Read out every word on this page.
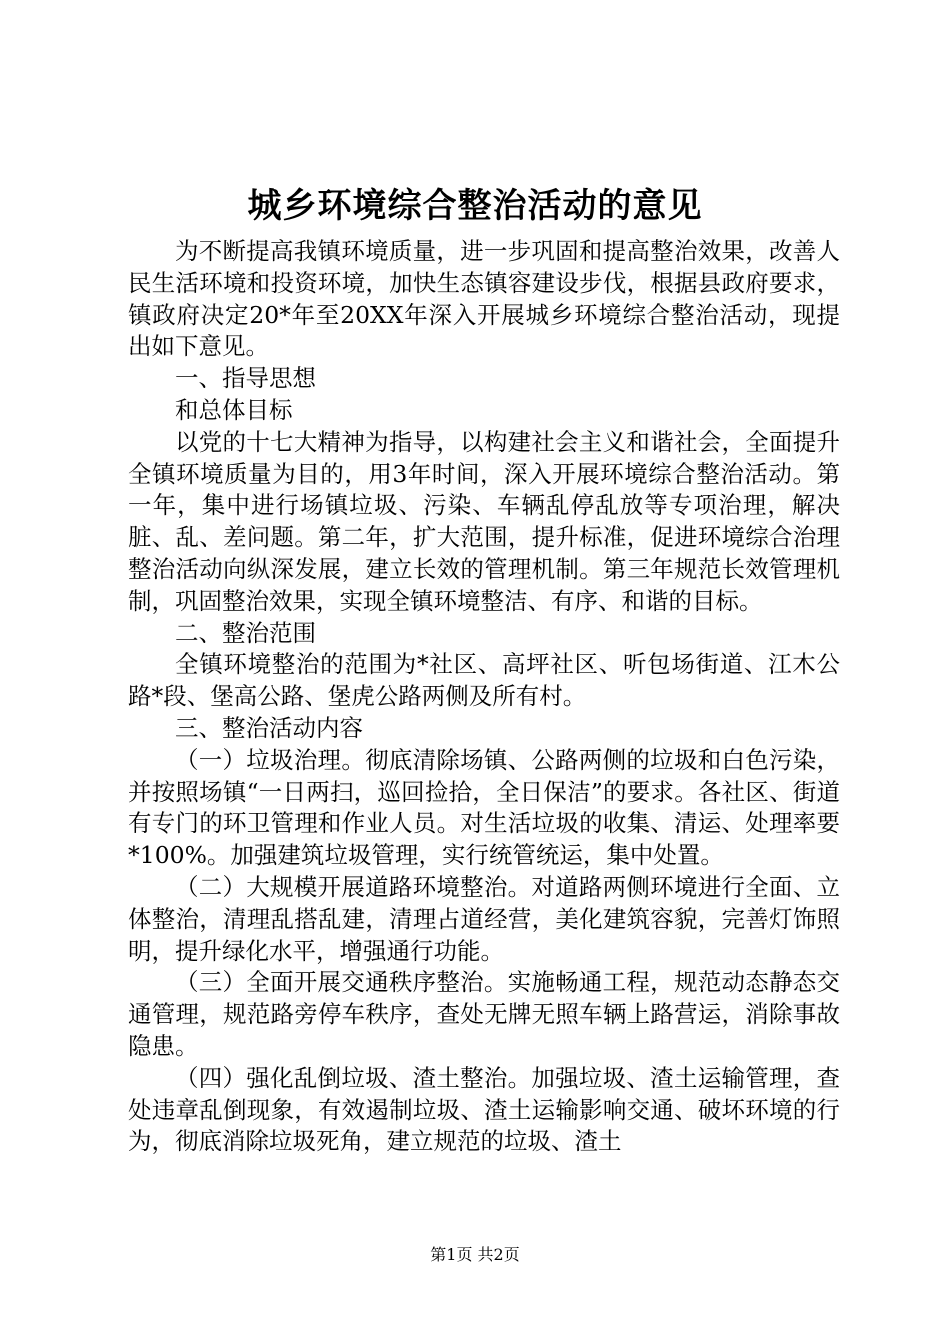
城乡环境综合整治活动的意见

为不断提高我镇环境质量，进一步巩固和提高整治效果，改善人民生活环境和投资环境，加快生态镇容建设步伐，根据县政府要求，镇政府决定20*年至20XX年深入开展城乡环境综合整治活动，现提出如下意见。

一、指导思想

和总体目标

以党的十七大精神为指导，以构建社会主义和谐社会，全面提升全镇环境质量为目的，用3年时间，深入开展环境综合整治活动。第一年，集中进行场镇垃圾、污染、车辆乱停乱放等专项治理，解决脏、乱、差问题。第二年，扩大范围，提升标准，促进环境综合治理整治活动向纵深发展，建立长效的管理机制。第三年规范长效管理机制，巩固整治效果，实现全镇环境整洁、有序、和谐的目标。

二、整治范围

全镇环境整治的范围为*社区、高坪社区、听包场街道、江木公路*段、堡高公路、堡虎公路两侧及所有村。

三、整治活动内容

（一）垃圾治理。彻底清除场镇、公路两侧的垃圾和白色污染，并按照场镇“一日两扫，巡回捡拾，全日保洁”的要求。各社区、街道有专门的环卫管理和作业人员。对生活垃圾的收集、清运、处理率要*100%。加强建筑垃圾管理，实行统管统运，集中处置。

（二）大规模开展道路环境整治。对道路两侧环境进行全面、立体整治，清理乱搭乱建，清理占道经营，美化建筑容貌，完善灯饰照明，提升绿化水平，增强通行功能。

（三）全面开展交通秩序整治。实施畅通工程，规范动态静态交通管理，规范路旁停车秩序，查处无牌无照车辆上路营运，消除事故隐患。

（四）强化乱倒垃圾、渣土整治。加强垃圾、渣土运输管理，查处违章乱倒现象，有效遏制垃圾、渣土运输影响交通、破坏环境的行为，彻底消除垃圾死角，建立规范的垃圾、渣土

第1页 共2页
